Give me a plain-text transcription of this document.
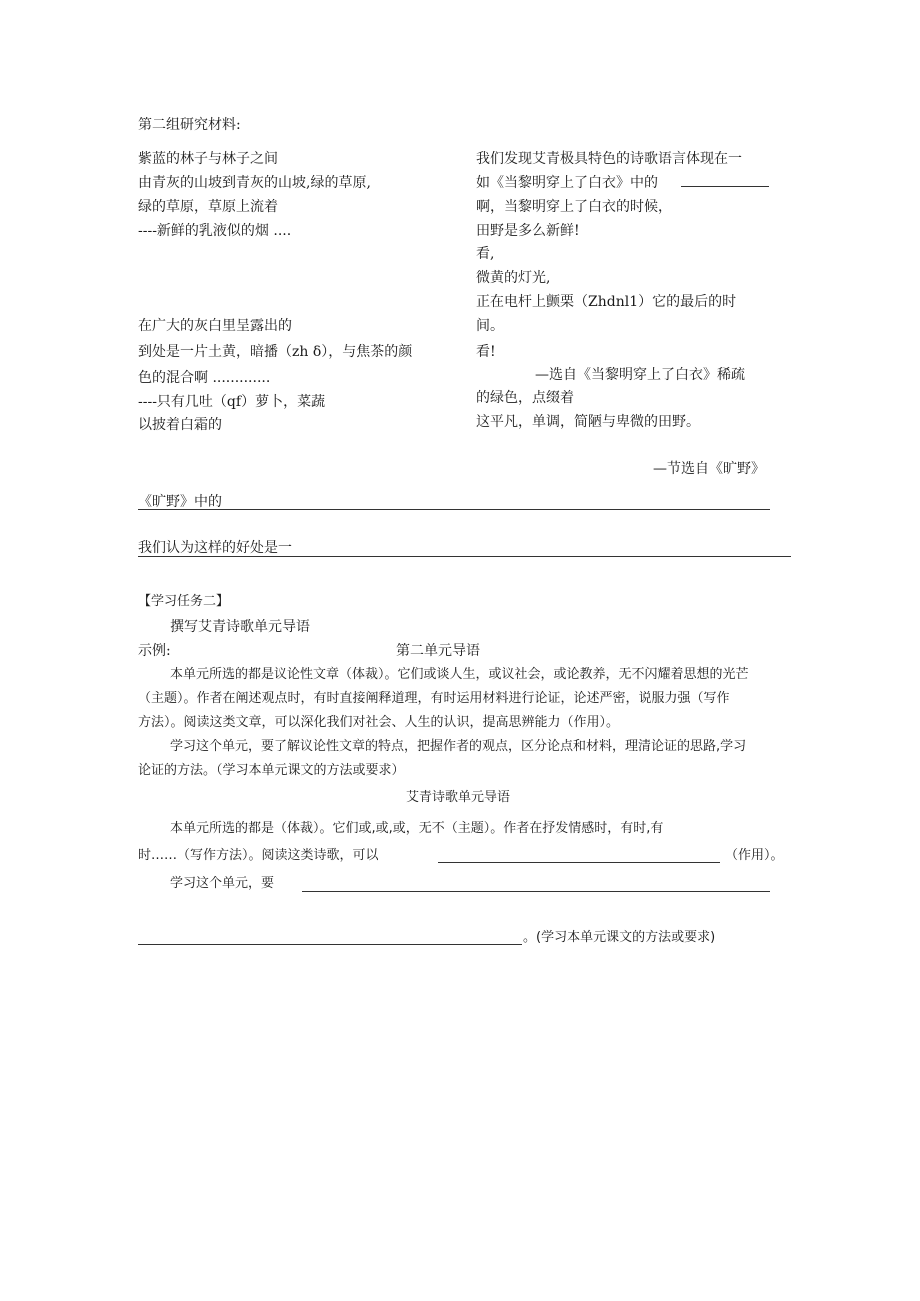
第二组研究材料:
紫蓝的林子与林子之间
由青灰的山坡到青灰的山坡,绿的草原,
绿的草原，草原上流着
----新鲜的乳液似的烟 ....
在广大的灰白里呈露出的
到处是一片土黄，暗播（zh δ），与焦茶的颜
色的混合啊 .............
----只有几吐（qf）萝卜，菜蔬
以披着白霜的
我们发现艾青极具特色的诗歌语言体现在一
如《当黎明穿上了白衣》中的
啊，当黎明穿上了白衣的时候，
田野是多么新鲜!
看,
微黄的灯光,
正在电杆上颤栗（Zhdnl1）它的最后的时
间。
看!
—选自《当黎明穿上了白衣》稀疏
的绿色，点缀着
这平凡，单调，简陋与卑微的田野。
—节选自《旷野》
《旷野》中的
我们认为这样的好处是一
【学习任务二】
撰写艾青诗歌单元导语
示例:	第二单元导语
本单元所选的都是议论性文章（体裁）。它们或谈人生，或议社会，或论教养，无不闪耀着思想的光芒
（主题）。作者在阐述观点时，有时直接阐释道理，有时运用材料进行论证，论述严密，说服力强（写作
方法）。阅读这类文章，可以深化我们对社会、人生的认识，提高思辨能力（作用）。
学习这个单元，要了解议论性文章的特点，把握作者的观点，区分论点和材料，理清论证的思路,学习
论证的方法。（学习本单元课文的方法或要求）
艾青诗歌单元导语
本单元所选的都是（体裁）。它们或,或,或，无不（主题）。作者在抒发情感时，有时,有
时……（写作方法）。阅读这类诗歌，可以	（作用）。
学习这个单元，要
。(学习本单元课文的方法或要求)
